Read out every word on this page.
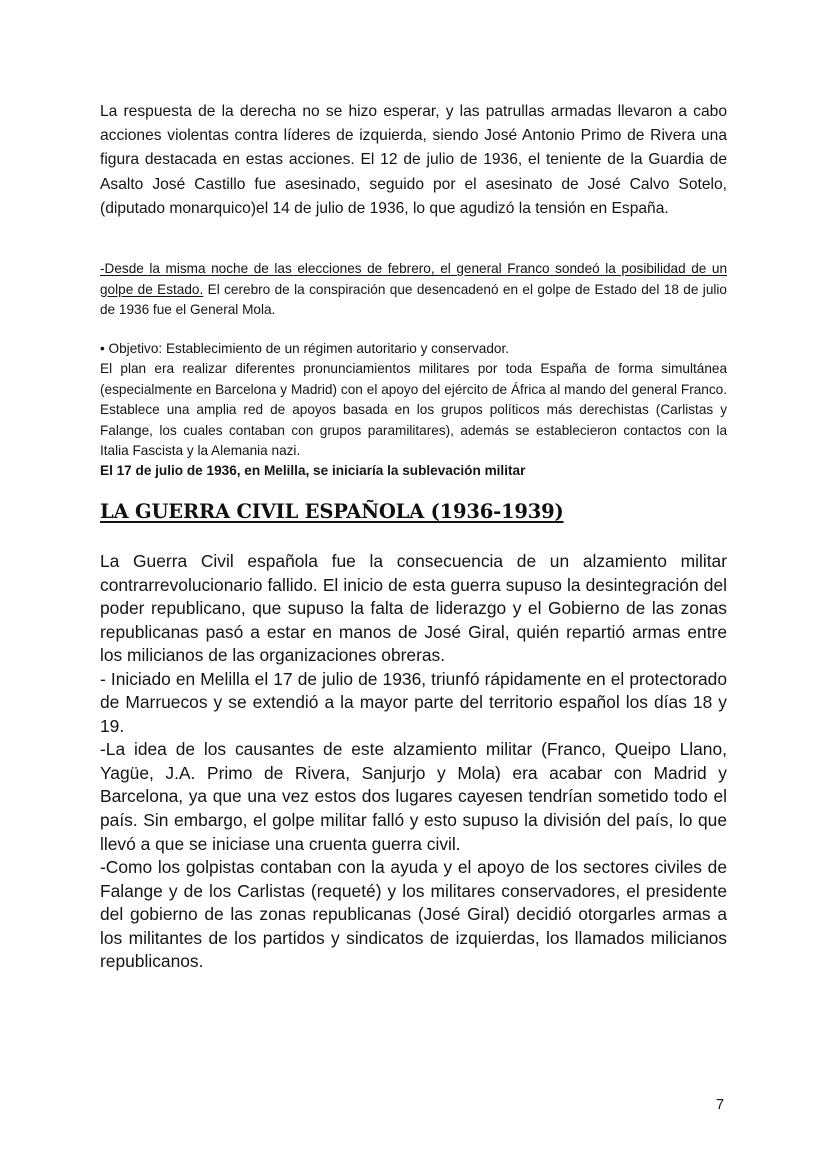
La respuesta de la derecha no se hizo esperar, y las patrullas armadas llevaron a cabo acciones violentas contra líderes de izquierda, siendo José Antonio Primo de Rivera una figura destacada en estas acciones. El 12 de julio de 1936, el teniente de la Guardia de Asalto José Castillo fue asesinado, seguido por el asesinato de José Calvo Sotelo,(diputado monarquico)el 14 de julio de 1936, lo que agudizó la tensión en España.

-Desde la misma noche de las elecciones de febrero, el general Franco sondeó la posibilidad de un golpe de Estado. El cerebro de la conspiración que desencadenó en el golpe de Estado del 18 de julio de 1936 fue el General Mola.

• Objetivo: Establecimiento de un régimen autoritario y conservador.
El plan era realizar diferentes pronunciamientos militares por toda España de forma simultánea (especialmente en Barcelona y Madrid) con el apoyo del ejército de África al mando del general Franco. Establece una amplia red de apoyos basada en los grupos políticos más derechistas (Carlistas y Falange, los cuales contaban con grupos paramilitares), además se establecieron contactos con la Italia Fascista y la Alemania nazi.
El 17 de julio de 1936, en Melilla, se iniciaría la sublevación militar
LA GUERRA CIVIL ESPAÑOLA (1936-1939)
La Guerra Civil española fue la consecuencia de un alzamiento militar contrarrevolucionario fallido. El inicio de esta guerra supuso la desintegración del poder republicano, que supuso la falta de liderazgo y el Gobierno de las zonas republicanas pasó a estar en manos de José Giral, quién repartió armas entre los milicianos de las organizaciones obreras.
- Iniciado en Melilla el 17 de julio de 1936, triunfó rápidamente en el protectorado de Marruecos y se extendió a la mayor parte del territorio español los días 18 y 19.
-La idea de los causantes de este alzamiento militar (Franco, Queipo Llano, Yagüe, J.A. Primo de Rivera, Sanjurjo y Mola) era acabar con Madrid y Barcelona, ya que una vez estos dos lugares cayesen tendrían sometido todo el país. Sin embargo, el golpe militar falló y esto supuso la división del país, lo que llevó a que se iniciase una cruenta guerra civil.
-Como los golpistas contaban con la ayuda y el apoyo de los sectores civiles de Falange y de los Carlistas (requeté) y los militares conservadores, el presidente del gobierno de las zonas republicanas (José Giral) decidió otorgarles armas a los militantes de los partidos y sindicatos de izquierdas, los llamados milicianos republicanos.
7
